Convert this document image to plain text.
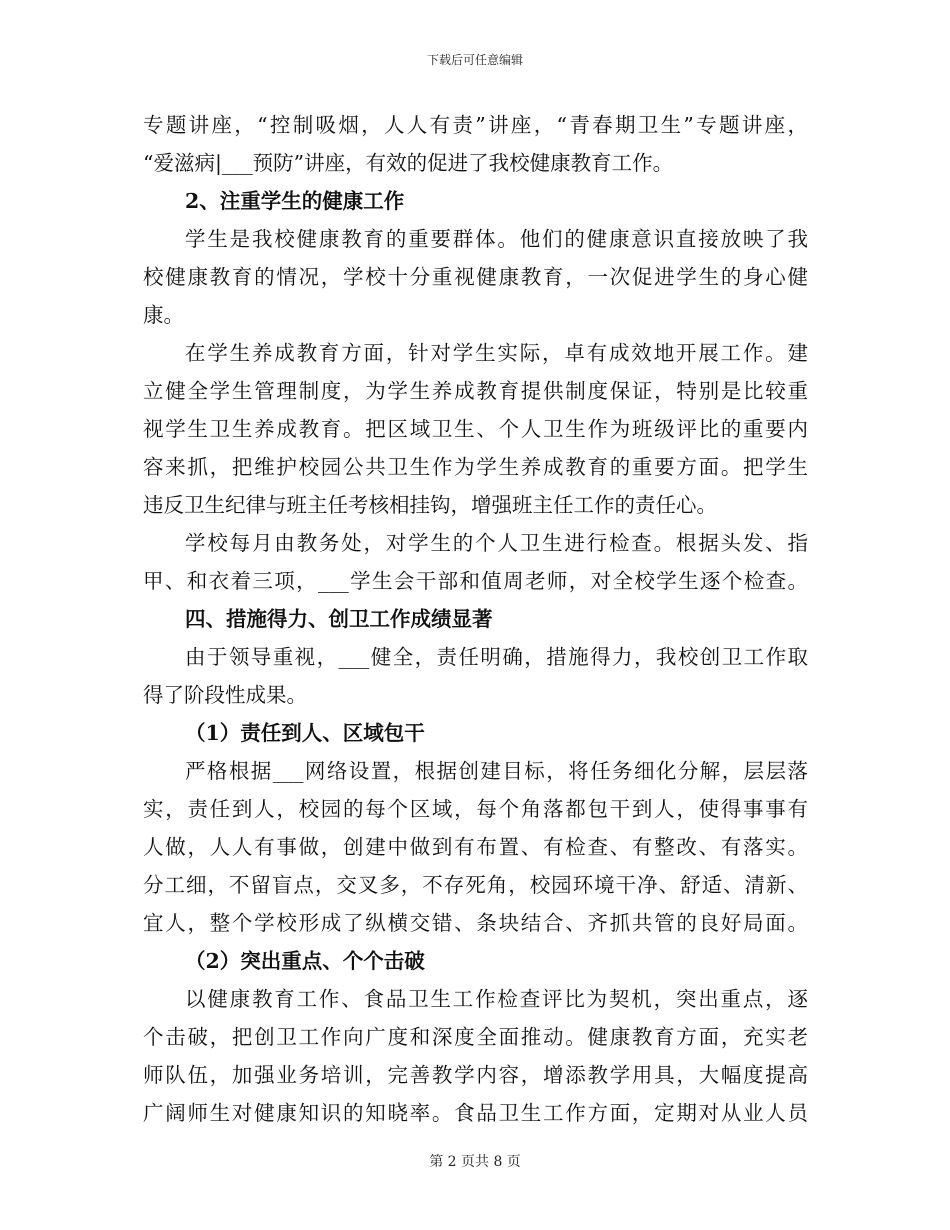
下载后可任意编辑
专题讲座，“控制吸烟，人人有责”讲座，“青春期卫生”专题讲座，
“爱滋病|___预防”讲座，有效的促进了我校健康教育工作。
2、注重学生的健康工作
学生是我校健康教育的重要群体。他们的健康意识直接放映了我
校健康教育的情况，学校十分重视健康教育，一次促进学生的身心健
康。
在学生养成教育方面，针对学生实际，卓有成效地开展工作。建
立健全学生管理制度，为学生养成教育提供制度保证，特别是比较重
视学生卫生养成教育。把区域卫生、个人卫生作为班级评比的重要内
容来抓，把维护校园公共卫生作为学生养成教育的重要方面。把学生
违反卫生纪律与班主任考核相挂钩，增强班主任工作的责任心。
学校每月由教务处，对学生的个人卫生进行检查。根据头发、指
甲、和衣着三项，___学生会干部和值周老师，对全校学生逐个检查。
四、措施得力、创卫工作成绩显著
由于领导重视，___健全，责任明确，措施得力，我校创卫工作取
得了阶段性成果。
（1）责任到人、区域包干
严格根据___网络设置，根据创建目标，将任务细化分解，层层落
实，责任到人，校园的每个区域，每个角落都包干到人，使得事事有
人做，人人有事做，创建中做到有布置、有检查、有整改、有落实。
分工细，不留盲点，交叉多，不存死角，校园环境干净、舒适、清新、
宜人，整个学校形成了纵横交错、条块结合、齐抓共管的良好局面。
（2）突出重点、个个击破
以健康教育工作、食品卫生工作检查评比为契机，突出重点，逐
个击破，把创卫工作向广度和深度全面推动。健康教育方面，充实老
师队伍，加强业务培训，完善教学内容，增添教学用具，大幅度提高
广阔师生对健康知识的知晓率。食品卫生工作方面，定期对从业人员
第 2 页共 8 页
